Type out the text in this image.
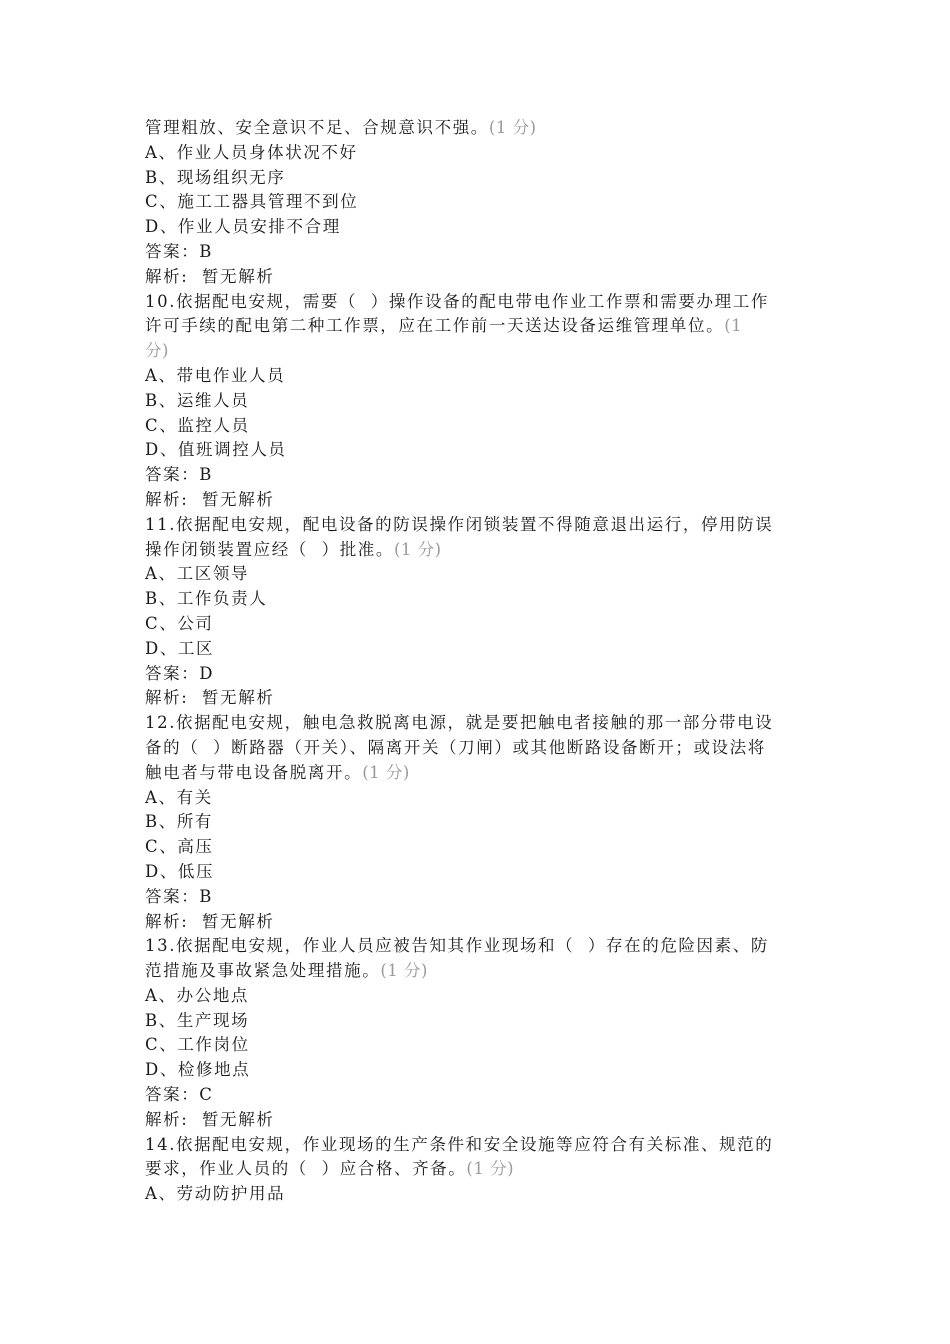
管理粗放、安全意识不足、合规意识不强。(1 分)
A、作业人员身体状况不好
B、现场组织无序
C、施工工器具管理不到位
D、作业人员安排不合理
答案：B
解析:  暂无解析
10.依据配电安规，需要（  ）操作设备的配电带电作业工作票和需要办理工作
许可手续的配电第二种工作票，应在工作前一天送达设备运维管理单位。(1
分)
A、带电作业人员
B、运维人员
C、监控人员
D、值班调控人员
答案：B
解析:  暂无解析
11.依据配电安规，配电设备的防误操作闭锁装置不得随意退出运行，停用防误
操作闭锁装置应经（  ）批准。(1 分)
A、工区领导
B、工作负责人
C、公司
D、工区
答案：D
解析:  暂无解析
12.依据配电安规，触电急救脱离电源，就是要把触电者接触的那一部分带电设
备的（  ）断路器（开关）、隔离开关（刀闸）或其他断路设备断开；或设法将
触电者与带电设备脱离开。(1 分)
A、有关
B、所有
C、高压
D、低压
答案：B
解析:  暂无解析
13.依据配电安规，作业人员应被告知其作业现场和（  ）存在的危险因素、防
范措施及事故紧急处理措施。(1 分)
A、办公地点
B、生产现场
C、工作岗位
D、检修地点
答案：C
解析:  暂无解析
14.依据配电安规，作业现场的生产条件和安全设施等应符合有关标准、规范的
要求，作业人员的（  ）应合格、齐备。(1 分)
A、劳动防护用品
